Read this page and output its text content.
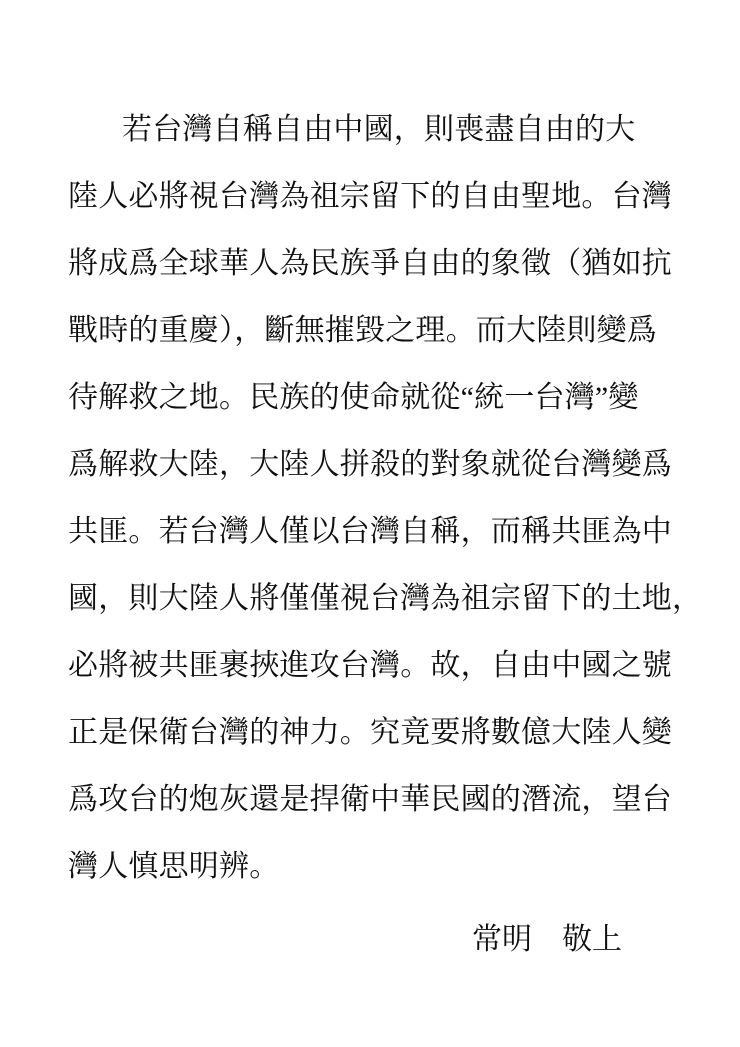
若台灣自稱自由中國，則喪盡自由的大
陸人必將視台灣為祖宗留下的自由聖地。台灣
將成爲全球華人為民族爭自由的象徵（猶如抗
戰時的重慶），斷無摧毀之理。而大陸則變爲
待解救之地。民族的使命就從“統一台灣”變
爲解救大陸，大陸人拼殺的對象就從台灣變爲
共匪。若台灣人僅以台灣自稱，而稱共匪為中
國，則大陸人將僅僅視台灣為祖宗留下的土地，
必將被共匪裹挾進攻台灣。故，自由中國之號
正是保衛台灣的神力。究竟要將數億大陸人變
爲攻台的炮灰還是捍衛中華民國的潛流，望台
灣人慎思明辨。
常明　敬上
